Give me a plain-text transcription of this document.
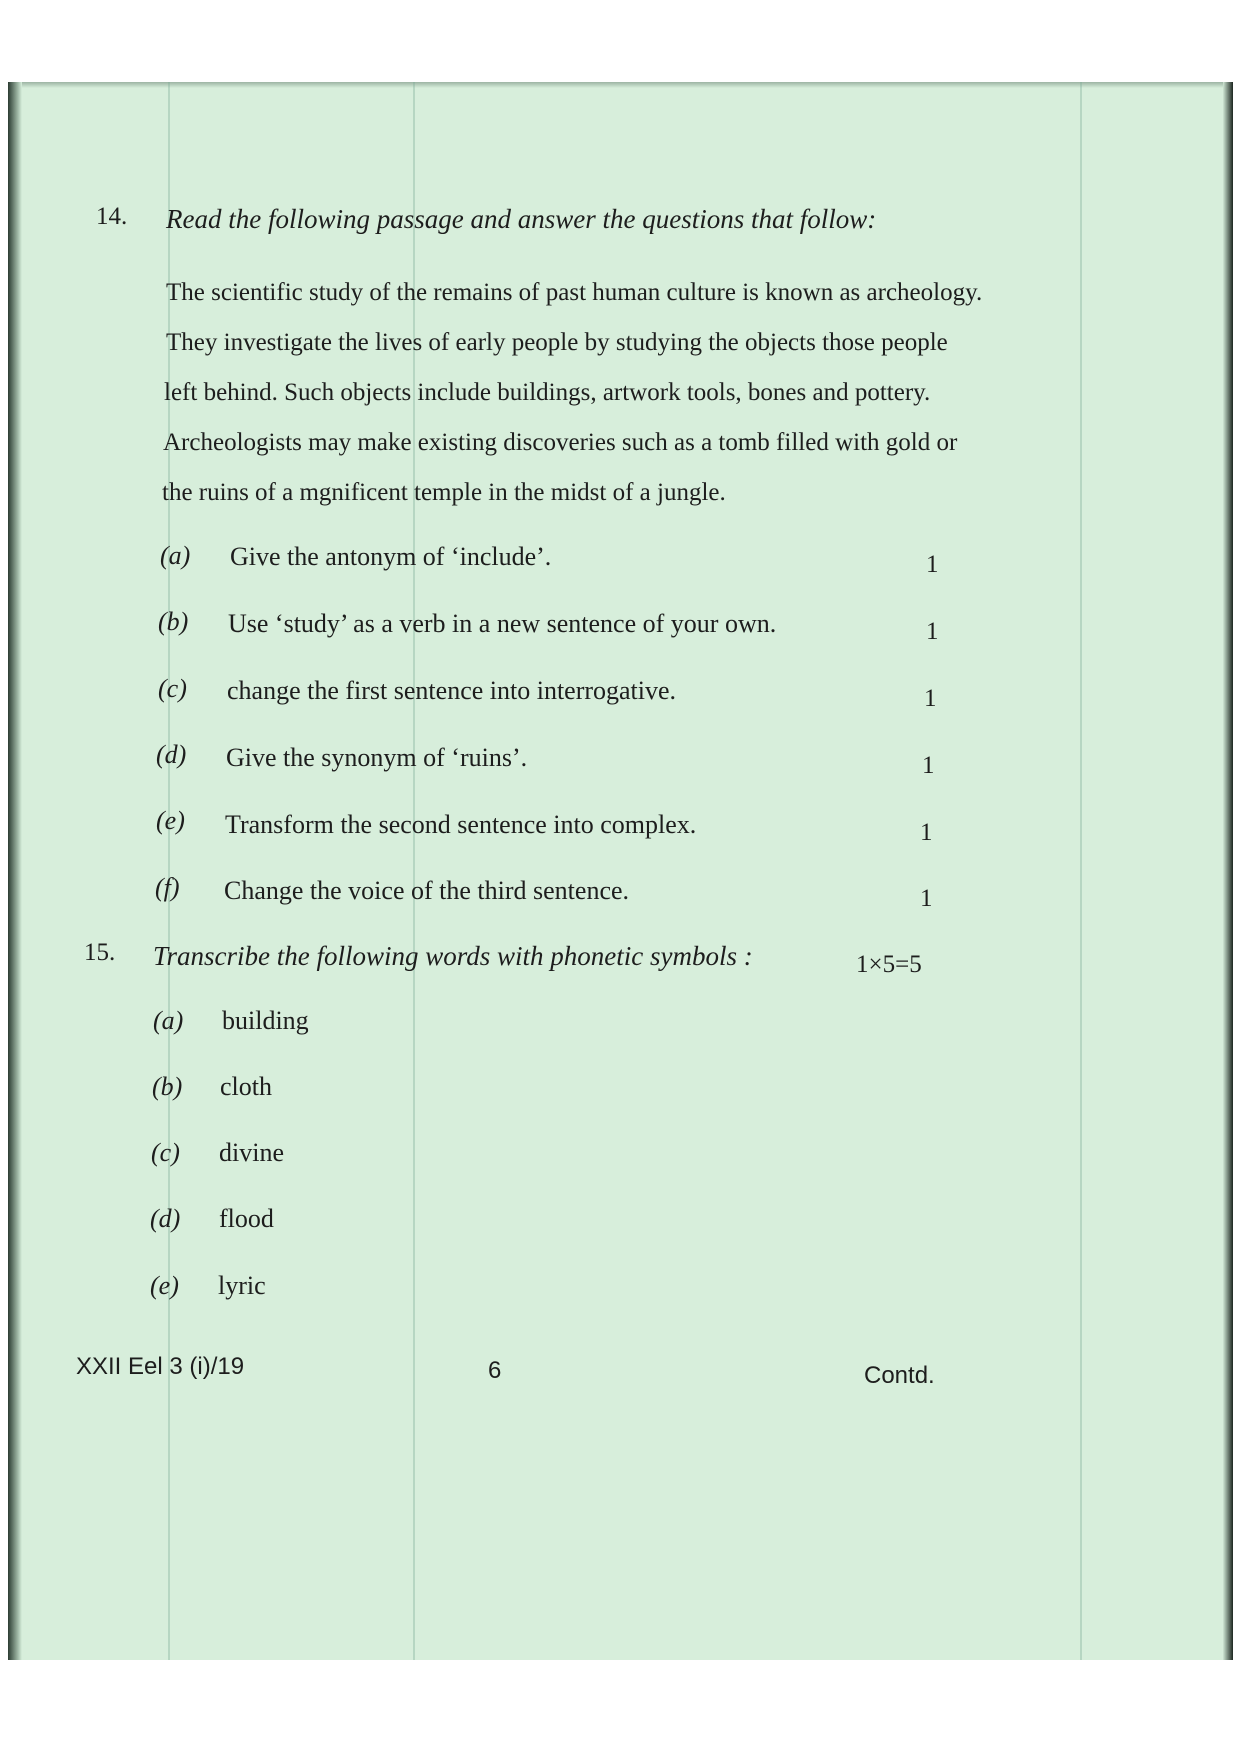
14. Read the following passage and answer the questions that follow:
The scientific study of the remains of past human culture is known as archeology.
They investigate the lives of early people by studying the objects those people
left behind. Such objects include buildings, artwork tools, bones and pottery.
Archeologists may make existing discoveries such as a tomb filled with gold or
the ruins of a mgnificent temple in the midst of a jungle.
(a) Give the antonym of ‘include’.	1
(b) Use ‘study’ as a verb in a new sentence of your own.	1
(c) change the first sentence into interrogative.	1
(d) Give the synonym of ‘ruins’.	1
(e) Transform the second sentence into complex.	1
(f) Change the voice of the third sentence.	1
15. Transcribe the following words with phonetic symbols :	1×5=5
(a) building
(b) cloth
(c) divine
(d) flood
(e) lyric
XXII Eel 3 (i)/19	6	Contd.
